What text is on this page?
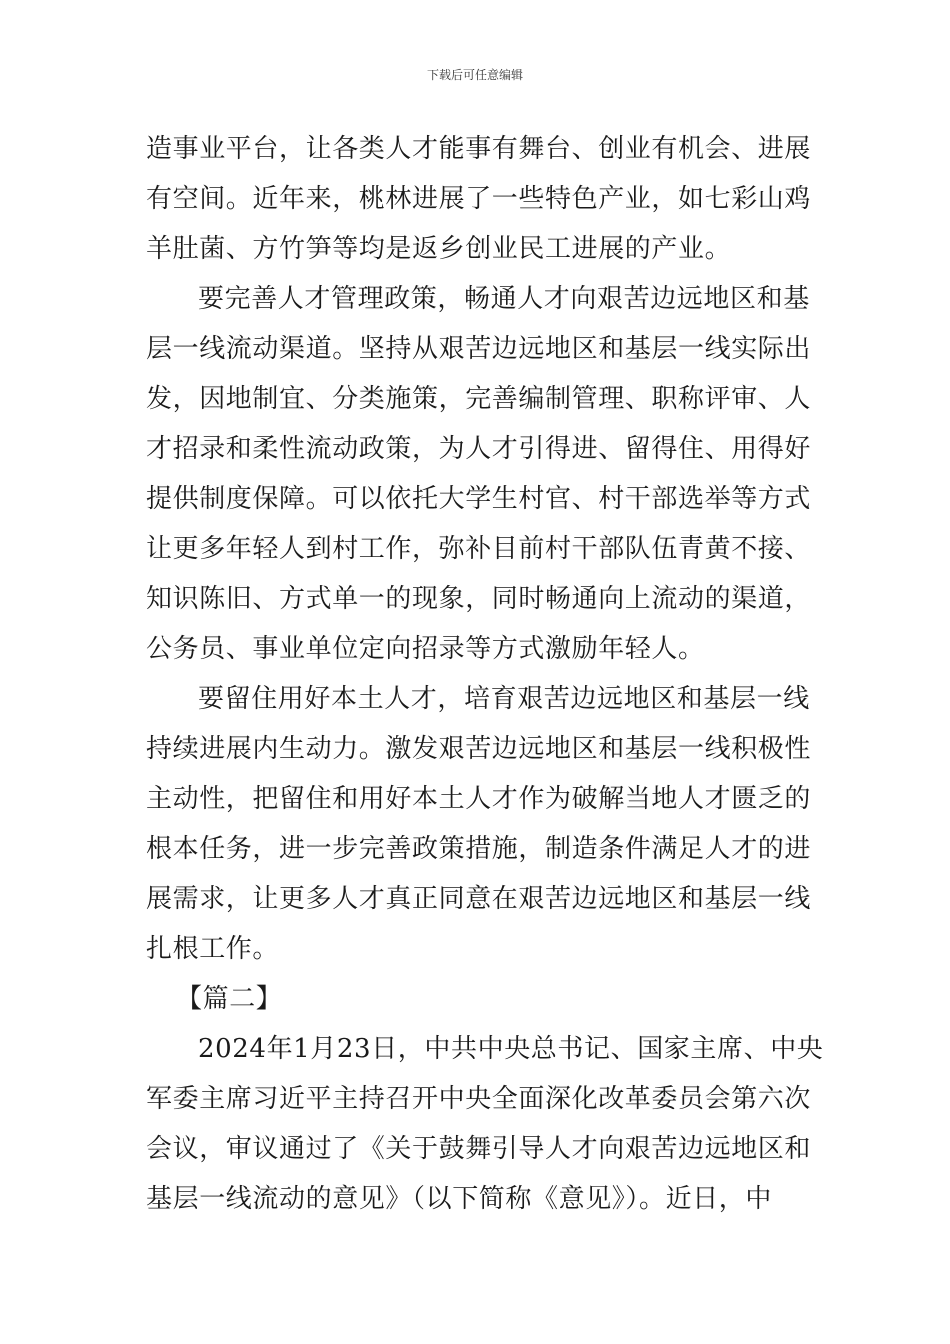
下载后可任意编辑
造事业平台，让各类人才能事有舞台、创业有机会、进展
有空间。近年来，桃林进展了一些特色产业，如七彩山鸡
羊肚菌、方竹笋等均是返乡创业民工进展的产业。
要完善人才管理政策，畅通人才向艰苦边远地区和基
层一线流动渠道。坚持从艰苦边远地区和基层一线实际出
发，因地制宜、分类施策，完善编制管理、职称评审、人
才招录和柔性流动政策，为人才引得进、留得住、用得好
提供制度保障。可以依托大学生村官、村干部选举等方式
让更多年轻人到村工作，弥补目前村干部队伍青黄不接、
知识陈旧、方式单一的现象，同时畅通向上流动的渠道，
公务员、事业单位定向招录等方式激励年轻人。
要留住用好本土人才，培育艰苦边远地区和基层一线
持续进展内生动力。激发艰苦边远地区和基层一线积极性
主动性，把留住和用好本土人才作为破解当地人才匮乏的
根本任务，进一步完善政策措施，制造条件满足人才的进
展需求，让更多人才真正同意在艰苦边远地区和基层一线
扎根工作。
【篇二】
2024年1月23日，中共中央总书记、国家主席、中央
军委主席习近平主持召开中央全面深化改革委员会第六次
会议，审议通过了《关于鼓舞引导人才向艰苦边远地区和
基层一线流动的意见》（以下简称《意见》）。近日，中
